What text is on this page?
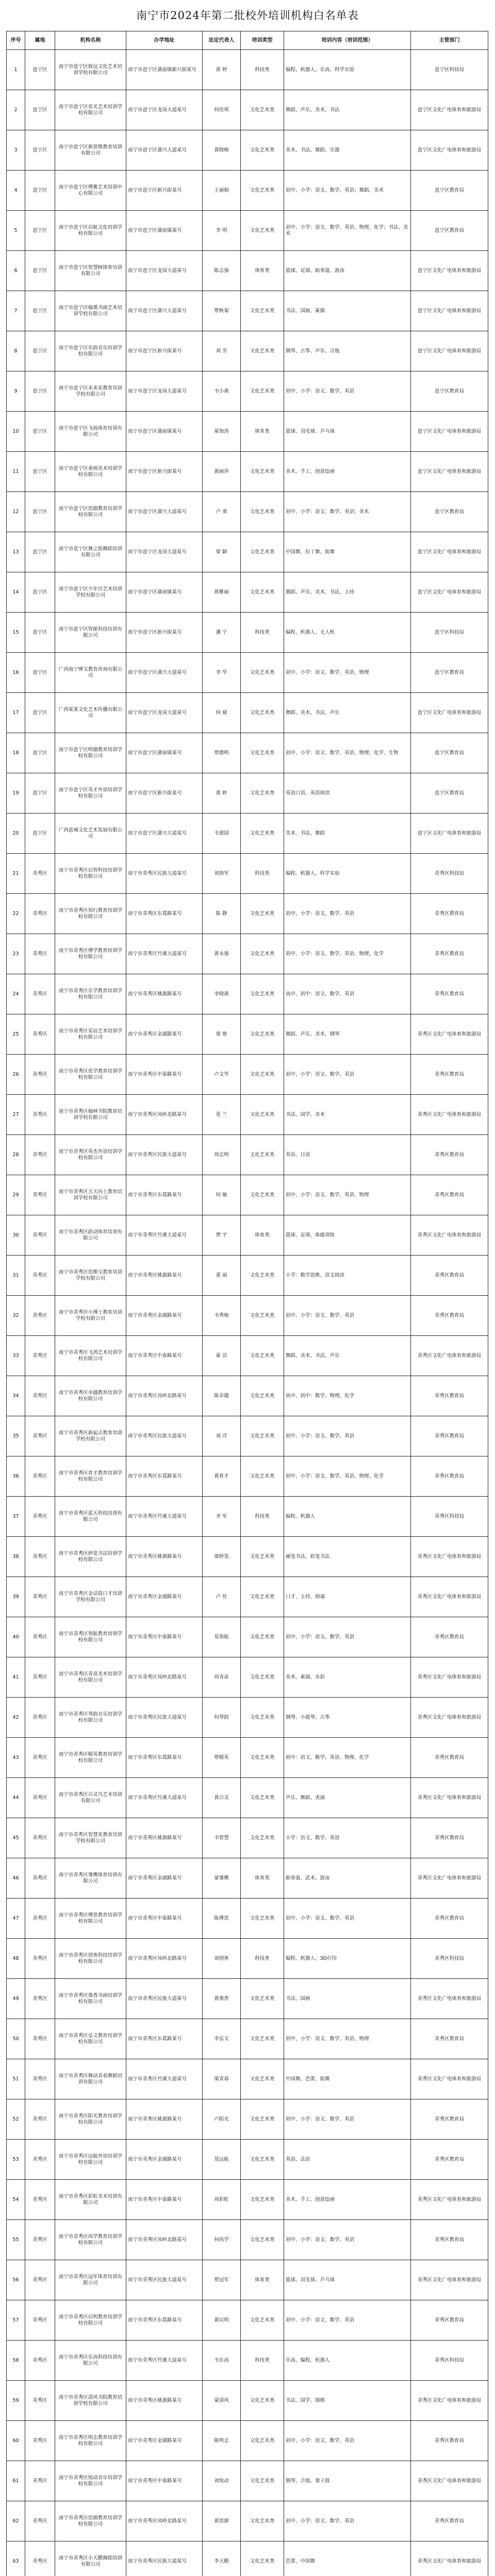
南宁市2024年第二批校外培训机构白名单表
序号	属地	机构名称	办学地址	法定代表人	培训类型	培训内容（培训范围）	主管部门
1	邕宁区	南宁市邕宁区致远文化艺术培训学校有限公司	南宁市邕宁区蒲庙镇新兴街某号	黄 婷	科技类	编程、机器人、乐高、科学实验	邕宁区科技局
2	邕宁区	南宁市邕宁区星光艺术培训学校有限公司	南宁市邕宁区龙岗大道某号	何佳琪	文化艺术类	舞蹈、声乐、美术、书法	邕宁区文化广电体育和旅游局
3	邕宁区	南宁市邕宁区新思维教育培训有限公司	南宁市邕宁区蒲兴大道某号	黄晓梅	文化艺术类	美术、书法、舞蹈、乐器	邕宁区文化广电体育和旅游局
4	邕宁区	南宁市邕宁区博雅艺术培训中心有限公司	南宁市邕宁区新兴街某号	王丽娟	文化艺术类	初中、小学：语文、数学、英语；舞蹈、美术	邕宁区教育局
5	邕宁区	南宁市邕宁区启航文化培训学校有限公司	南宁市邕宁区蒲庙镇某号	李 明	文化艺术类	初中、小学：语文、数学、英语、物理、化学；书法、美术	邕宁区教育局
6	邕宁区	南宁市邕宁区智慧树体育培训有限公司	南宁市邕宁区龙岗大道某号	陈志强	体育类	篮球、足球、跆拳道、游泳	邕宁区文化广电体育和旅游局
7	邕宁区	南宁市邕宁区翰墨书画艺术培训学校有限公司	南宁市邕宁区蒲兴大道某号	覃秋菊	文化艺术类	书法、国画、素描	邕宁区文化广电体育和旅游局
8	邕宁区	南宁市邕宁区乐韵音乐培训学校有限公司	南宁市邕宁区新兴街某号	刘 芳	文化艺术类	钢琴、古筝、声乐、吉他	邕宁区文化广电体育和旅游局
9	邕宁区	南宁市邕宁区未来星教育培训学校有限公司	南宁市邕宁区龙岗大道某号	韦小燕	文化艺术类	初中、小学：语文、数学、英语	邕宁区教育局
10	邕宁区	南宁市邕宁区飞扬体育培训有限公司	南宁市邕宁区蒲庙镇某号	蒙海涛	体育类	篮球、羽毛球、乒乓球	邕宁区文化广电体育和旅游局
11	邕宁区	南宁市邕宁区童画美术培训学校有限公司	南宁市邕宁区新兴街某号	黄丽萍	文化艺术类	美术、手工、创意绘画	邕宁区文化广电体育和旅游局
12	邕宁区	南宁市邕宁区思源教育培训学校有限公司	南宁市邕宁区蒲兴大道某号	卢 勇	文化艺术类	初中、小学：语文、数学、英语；美术	邕宁区教育局
13	邕宁区	南宁市邕宁区舞之韵舞蹈培训有限公司	南宁市邕宁区龙岗大道某号	梁 颖	文化艺术类	中国舞、拉丁舞、街舞	邕宁区文化广电体育和旅游局
14	邕宁区	南宁市邕宁区少年宫艺术培训学校有限公司	南宁市邕宁区蒲庙镇某号	蒋雅丽	文化艺术类	舞蹈、声乐、美术、书法、主持	邕宁区文化广电体育和旅游局
15	邕宁区	南宁市邕宁区智能科技培训有限公司	南宁市邕宁区新兴街某号	潘 宁	科技类	编程、机器人、无人机	邕宁区科技局
16	邕宁区	广西南宁博文教育咨询有限公司	南宁市邕宁区蒲兴大道某号	李 华	文化艺术类	初中、小学：语文、数学、英语、物理	邕宁区教育局
17	邕宁区	广西某某文化艺术传播有限公司	南宁市邕宁区龙岗大道某号	何 斌	文化艺术类	舞蹈、美术、书法、声乐	邕宁区文化广电体育和旅游局
18	邕宁区	南宁市邕宁区明德教育培训学校有限公司	南宁市邕宁区蒲庙镇某号	覃德明	文化艺术类	初中、小学：语文、数学、英语、物理、化学、生物	邕宁区教育局
19	邕宁区	南宁市邕宁区英才外语培训学校有限公司	南宁市邕宁区新兴街某号	黄 婷	文化艺术类	英语口语、英语阅读	邕宁区教育局
20	邕宁区	广西邕城文化艺术发展有限公司	南宁市邕宁区蒲兴大道某号	韦建国	文化艺术类	美术、书法、舞蹈	邕宁区文化广电体育和旅游局
21	青秀区	南宁市青秀区启智科技培训学校有限公司	南宁市青秀区民族大道某号	刘海军	科技类	编程、机器人、科学实验	青秀区科技局
22	青秀区	南宁市青秀区知行教育培训学校有限公司	南宁市青秀区东葛路某号	陈 静	文化艺术类	初中、小学：语文、数学、英语	青秀区教育局
23	青秀区	南宁市青秀区博学教育培训学校有限公司	南宁市青秀区竹溪大道某号	黄永强	文化艺术类	初中、小学：语文、数学、英语、物理、化学	青秀区教育局
24	青秀区	南宁市青秀区乐学教育培训学校有限公司	南宁市青秀区桃源路某号	李晓燕	文化艺术类	高中、初中：语文、数学、英语	青秀区教育局
25	青秀区	南宁市青秀区星辰艺术培训学校有限公司	南宁市青秀区金湖路某号	梁 艳	文化艺术类	舞蹈、声乐、美术、钢琴	青秀区文化广电体育和旅游局
26	青秀区	南宁市青秀区优学教育培训学校有限公司	南宁市青秀区中泰路某号	卢文华	文化艺术类	初中、小学：语文、数学、英语	青秀区教育局
27	青秀区	南宁市青秀区翰林书院教育培训学校有限公司	南宁市青秀区凤岭北路某号	莫 兰	文化艺术类	书法、国学、美术	青秀区文化广电体育和旅游局
28	青秀区	南宁市青秀区英杰外语培训学校有限公司	南宁市青秀区民族大道某号	周志明	文化艺术类	英语、日语	青秀区教育局
29	青秀区	南宁市青秀区天天向上教育培训学校有限公司	南宁市青秀区东葛路某号	何 敏	文化艺术类	初中、小学：语文、数学、英语、物理	青秀区教育局
30	青秀区	南宁市青秀区跃动体育培训有限公司	南宁市青秀区竹溪大道某号	覃 宇	体育类	篮球、足球、体能训练	青秀区文化广电体育和旅游局
31	青秀区	南宁市青秀区思维宝教育培训学校有限公司	南宁市青秀区桃源路某号	黄 丽	文化艺术类	小学：数学思维、语文阅读	青秀区教育局
32	青秀区	南宁市青秀区小博士教育培训学校有限公司	南宁市青秀区金湖路某号	韦秀梅	文化艺术类	初中、小学：语文、数学、英语	青秀区教育局
33	青秀区	南宁市青秀区飞鸿艺术培训学校有限公司	南宁市青秀区中泰路某号	蒙 洁	文化艺术类	舞蹈、美术、书法、声乐	青秀区文化广电体育和旅游局
34	青秀区	南宁市青秀区卓越教育培训学校有限公司	南宁市青秀区凤岭北路某号	陈卓越	文化艺术类	高中、初中：数学、物理、化学	青秀区教育局
35	青秀区	南宁市青秀区新起点教育培训学校有限公司	南宁市青秀区民族大道某号	刘 洋	文化艺术类	初中、小学：语文、数学、英语	青秀区教育局
36	青秀区	南宁市青秀区育才教育培训学校有限公司	南宁市青秀区东葛路某号	黄育才	文化艺术类	初中、小学：语文、数学、英语、物理、化学	青秀区教育局
37	青秀区	南宁市青秀区蓝天科技培训有限公司	南宁市青秀区竹溪大道某号	李 军	科技类	编程、机器人	青秀区科技局
38	青秀区	南宁市青秀区妙笔书法培训学校有限公司	南宁市青秀区桃源路某号	梁妙笔	文化艺术类	硬笔书法、软笔书法	青秀区文化广电体育和旅游局
39	青秀区	南宁市青秀区金话筒口才培训学校有限公司	南宁市青秀区金湖路某号	卢 佳	文化艺术类	口才、主持、朗诵	青秀区文化广电体育和旅游局
40	青秀区	南宁市青秀区领航教育培训学校有限公司	南宁市青秀区中泰路某号	莫领航	文化艺术类	初中、小学：语文、数学、英语	青秀区教育局
41	青秀区	南宁市青秀区青苗美术培训学校有限公司	南宁市青秀区凤岭北路某号	周青苗	文化艺术类	美术、素描、水彩	青秀区文化广电体育和旅游局
42	青秀区	南宁市青秀区琴韵音乐培训学校有限公司	南宁市青秀区民族大道某号	何琴韵	文化艺术类	钢琴、小提琴、古筝	青秀区文化广电体育和旅游局
43	青秀区	南宁市青秀区精英教育培训学校有限公司	南宁市青秀区东葛路某号	覃精英	文化艺术类	初中：语文、数学、英语、物理、化学	青秀区教育局
44	青秀区	南宁市青秀区百灵鸟艺术培训有限公司	南宁市青秀区竹溪大道某号	黄百灵	文化艺术类	声乐、舞蹈、表演	青秀区文化广电体育和旅游局
45	青秀区	南宁市青秀区智慧星教育培训学校有限公司	南宁市青秀区桃源路某号	韦智慧	文化艺术类	小学：语文、数学、英语	青秀区教育局
46	青秀区	南宁市青秀区雏鹰体育培训有限公司	南宁市青秀区金湖路某号	蒙雏鹰	体育类	跆拳道、武术、游泳	青秀区文化广电体育和旅游局
47	青秀区	南宁市青秀区博思教育培训学校有限公司	南宁市青秀区中泰路某号	陈博思	文化艺术类	初中、小学：语文、数学、英语	青秀区教育局
48	青秀区	南宁市青秀区创客科技培训学校有限公司	南宁市青秀区凤岭北路某号	刘创客	科技类	编程、机器人、3D打印	青秀区科技局
49	青秀区	南宁市青秀区墨香书画培训学校有限公司	南宁市青秀区民族大道某号	黄墨香	文化艺术类	书法、国画	青秀区文化广电体育和旅游局
50	青秀区	南宁市青秀区弘文教育培训学校有限公司	南宁市青秀区东葛路某号	李弘文	文化艺术类	初中、小学：语文、数学、英语、物理	青秀区教育局
51	青秀区	南宁市青秀区舞动青春舞蹈培训有限公司	南宁市青秀区竹溪大道某号	梁青春	文化艺术类	中国舞、芭蕾、街舞	青秀区文化广电体育和旅游局
52	青秀区	南宁市青秀区阳光教育培训学校有限公司	南宁市青秀区桃源路某号	卢阳光	文化艺术类	初中、小学：语文、数学、英语	青秀区教育局
53	青秀区	南宁市青秀区远航外语培训学校有限公司	南宁市青秀区金湖路某号	莫远航	文化艺术类	英语、法语	青秀区教育局
54	青秀区	南宁市青秀区彩虹美术培训有限公司	南宁市青秀区中泰路某号	周彩虹	文化艺术类	美术、手工、创意绘画	青秀区文化广电体育和旅游局
55	青秀区	南宁市青秀区尚学教育培训学校有限公司	南宁市青秀区凤岭北路某号	何尚学	文化艺术类	初中、小学：语文、数学、英语	青秀区教育局
56	青秀区	南宁市青秀区冠军体育培训有限公司	南宁市青秀区民族大道某号	覃冠军	体育类	篮球、羽毛球、乒乓球	青秀区文化广电体育和旅游局
57	青秀区	南宁市青秀区启明教育培训学校有限公司	南宁市青秀区东葛路某号	黄启明	文化艺术类	初中、小学：语文、数学、英语	青秀区教育局
58	青秀区	南宁市青秀区乐高科技培训有限公司	南宁市青秀区竹溪大道某号	韦乐高	科技类	乐高、编程、机器人	青秀区科技局
59	青秀区	南宁市青秀区清风书院教育培训学校有限公司	南宁市青秀区桃源路某号	蒙清风	文化艺术类	书法、国学、围棋	青秀区文化广电体育和旅游局
60	青秀区	南宁市青秀区明志教育培训学校有限公司	南宁市青秀区金湖路某号	陈明志	文化艺术类	初中、小学：语文、数学、英语	青秀区教育局
61	青秀区	南宁市青秀区悦动音乐培训学校有限公司	南宁市青秀区中泰路某号	刘悦动	文化艺术类	钢琴、吉他、架子鼓	青秀区文化广电体育和旅游局
62	青秀区	南宁市青秀区思源教育培训学校有限公司	南宁市青秀区凤岭北路某号	黄思源	文化艺术类	初中、小学：语文、数学、英语	青秀区教育局
63	青秀区	南宁市青秀区小天鹅舞蹈培训有限公司	南宁市青秀区民族大道某号	李天鹅	文化艺术类	芭蕾、中国舞	青秀区文化广电体育和旅游局
